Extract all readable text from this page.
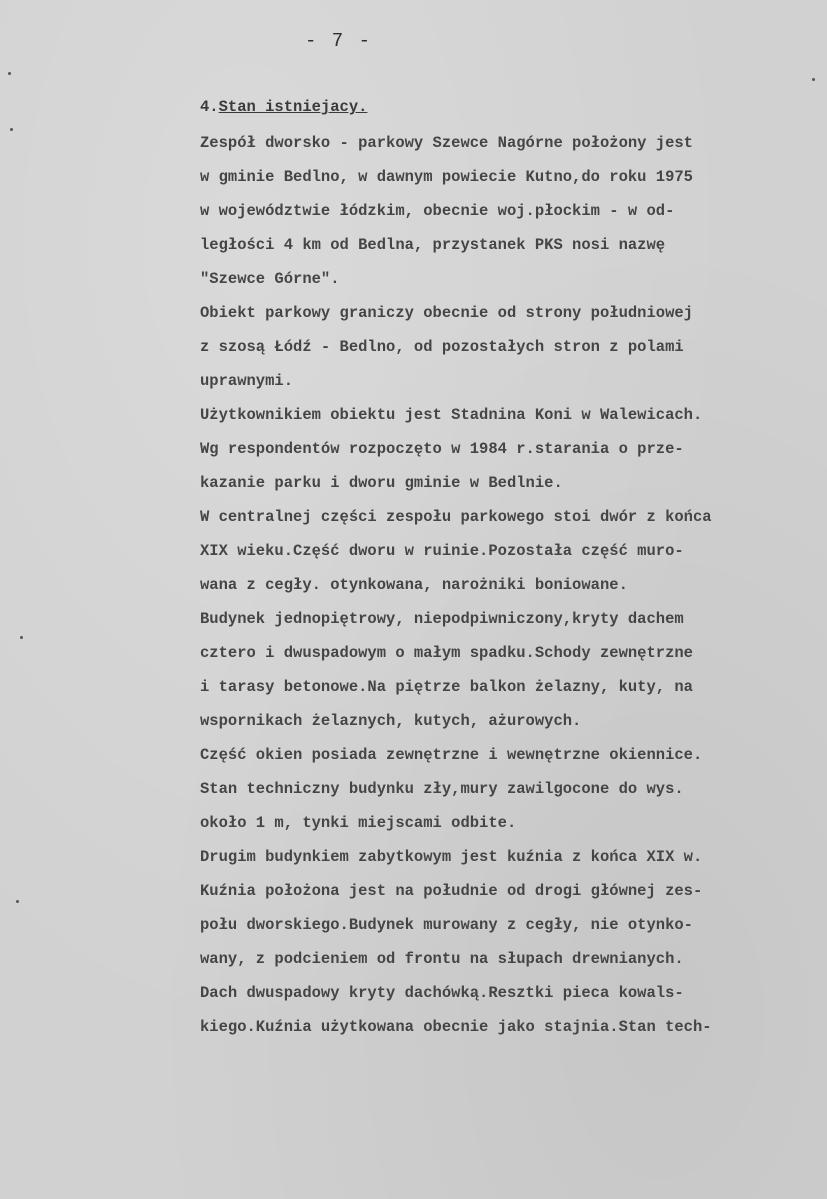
- 7 -
4.Stan istniejacy.
Zespół dworsko - parkowy Szewce Nagórne położony jest
w gminie Bedlno, w dawnym powiecie Kutno,do roku 1975
w województwie łódzkim, obecnie woj.płockim - w od-
ległości 4 km od Bedlna, przystanek PKS nosi nazwę
"Szewce Górne".
Obiekt parkowy graniczy obecnie od strony południowej
z szosą Łódź - Bedlno, od pozostałych stron z polami
uprawnymi.
Użytkownikiem obiektu jest Stadnina Koni w Walewicach.
Wg respondentów rozpoczęto w 1984 r.starania o prze-
kazanie parku i dworu gminie w Bedlnie.
W centralnej części zespołu parkowego stoi dwór z końca
XIX wieku.Część dworu w ruinie.Pozostała część muro-
wana z cegły. otynkowana, narożniki boniowane.
Budynek jednopiętrowy, niepodpiwniczony,kryty dachem
cztero i dwuspadowym o małym spadku.Schody zewnętrzne
i tarasy betonowe.Na piętrze balkon żelazny, kuty, na
wspornikach żelaznych, kutych, ażurowych.
Część okien posiada zewnętrzne i wewnętrzne okiennice.
Stan techniczny budynku zły,mury zawilgocone do wys.
około 1 m, tynki miejscami odbite.
Drugim budynkiem zabytkowym jest kuźnia z końca XIX w.
Kuźnia położona jest na południe od drogi głównej zes-
połu dworskiego.Budynek murowany z cegły, nie otynko-
wany, z podcieniem od frontu na słupach drewnianych.
Dach dwuspadowy kryty dachówką.Resztki pieca kowals-
kiego.Kuźnia użytkowana obecnie jako stajnia.Stan tech-
